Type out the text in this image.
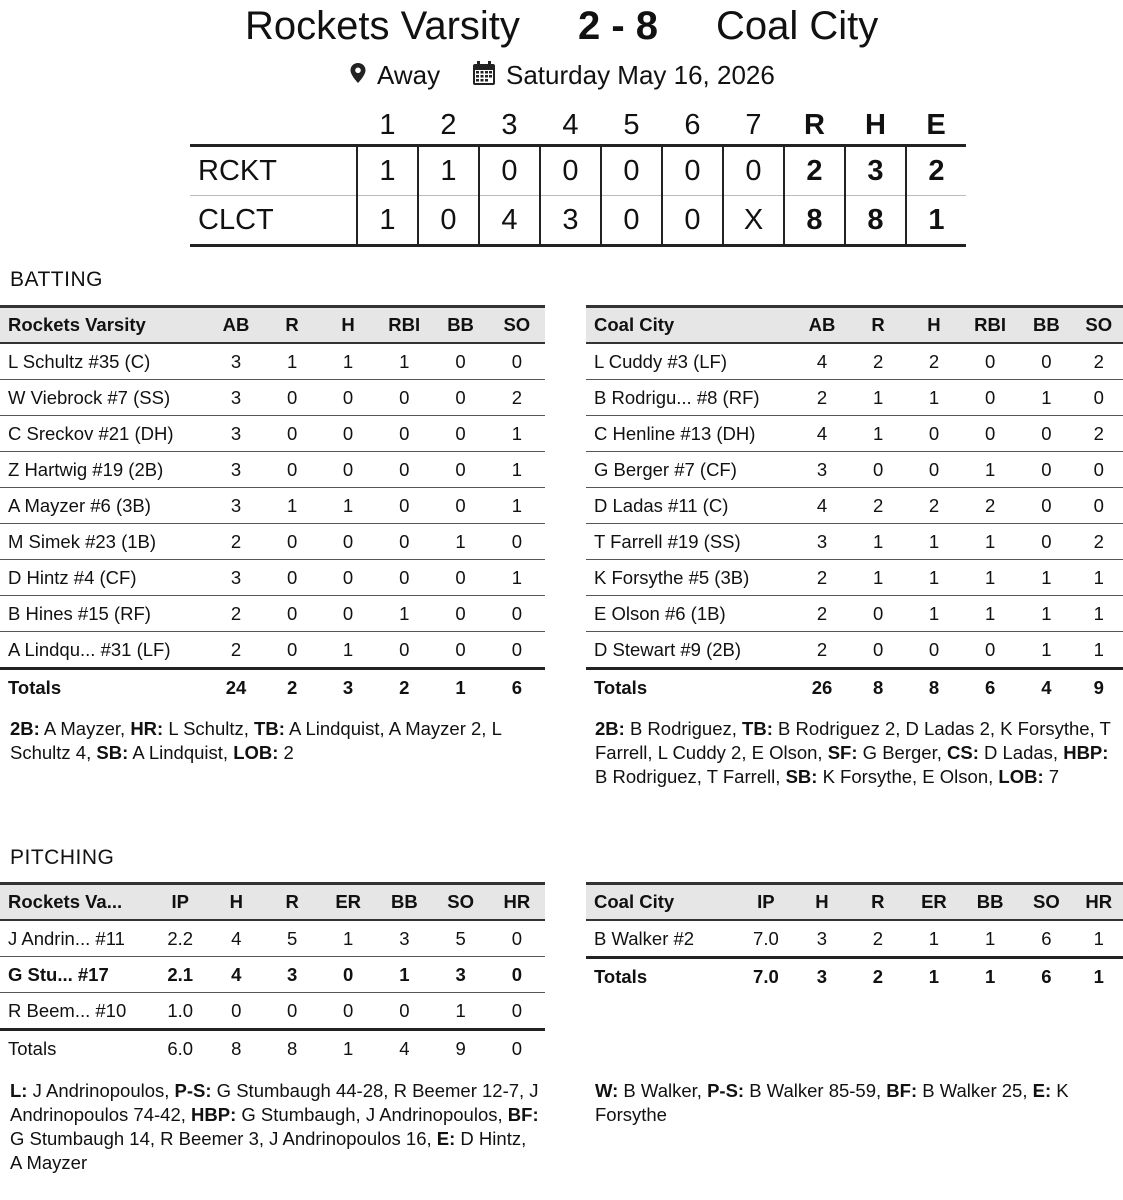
Rockets Varsity 2 - 8 Coal City
Away	Saturday May 16, 2026
	1	2	3	4	5	6	7	R	H	E
RCKT	1	1	0	0	0	0	0	2	3	2
CLCT	1	0	4	3	0	0	X	8	8	1
BATTING
Rockets Varsity	AB	R	H	RBI	BB	SO
L Schultz #35 (C)	3	1	1	1	0	0
W Viebrock #7 (SS)	3	0	0	0	0	2
C Sreckov #21 (DH)	3	0	0	0	0	1
Z Hartwig #19 (2B)	3	0	0	0	0	1
A Mayzer #6 (3B)	3	1	1	0	0	1
M Simek #23 (1B)	2	0	0	0	1	0
D Hintz #4 (CF)	3	0	0	0	0	1
B Hines #15 (RF)	2	0	0	1	0	0
A Lindqu... #31 (LF)	2	0	1	0	0	0
Totals	24	2	3	2	1	6
Coal City	AB	R	H	RBI	BB	SO
L Cuddy #3 (LF)	4	2	2	0	0	2
B Rodrigu... #8 (RF)	2	1	1	0	1	0
C Henline #13 (DH)	4	1	0	0	0	2
G Berger #7 (CF)	3	0	0	1	0	0
D Ladas #11 (C)	4	2	2	2	0	0
T Farrell #19 (SS)	3	1	1	1	0	2
K Forsythe #5 (3B)	2	1	1	1	1	1
E Olson #6 (1B)	2	0	1	1	1	1
D Stewart #9 (2B)	2	0	0	0	1	1
Totals	26	8	8	6	4	9
2B: A Mayzer, HR: L Schultz, TB: A Lindquist, A Mayzer 2, L Schultz 4, SB: A Lindquist, LOB: 2
2B: B Rodriguez, TB: B Rodriguez 2, D Ladas 2, K Forsythe, T Farrell, L Cuddy 2, E Olson, SF: G Berger, CS: D Ladas, HBP: B Rodriguez, T Farrell, SB: K Forsythe, E Olson, LOB: 7
PITCHING
Rockets Va...	IP	H	R	ER	BB	SO	HR
J Andrin... #11	2.2	4	5	1	3	5	0
G Stu... #17	2.1	4	3	0	1	3	0
R Beem... #10	1.0	0	0	0	0	1	0
Totals	6.0	8	8	1	4	9	0
Coal City	IP	H	R	ER	BB	SO	HR
B Walker #2	7.0	3	2	1	1	6	1
Totals	7.0	3	2	1	1	6	1
L: J Andrinopoulos, P-S: G Stumbaugh 44-28, R Beemer 12-7, J Andrinopoulos 74-42, HBP: G Stumbaugh, J Andrinopoulos, BF: G Stumbaugh 14, R Beemer 3, J Andrinopoulos 16, E: D Hintz, A Mayzer
W: B Walker, P-S: B Walker 85-59, BF: B Walker 25, E: K Forsythe
